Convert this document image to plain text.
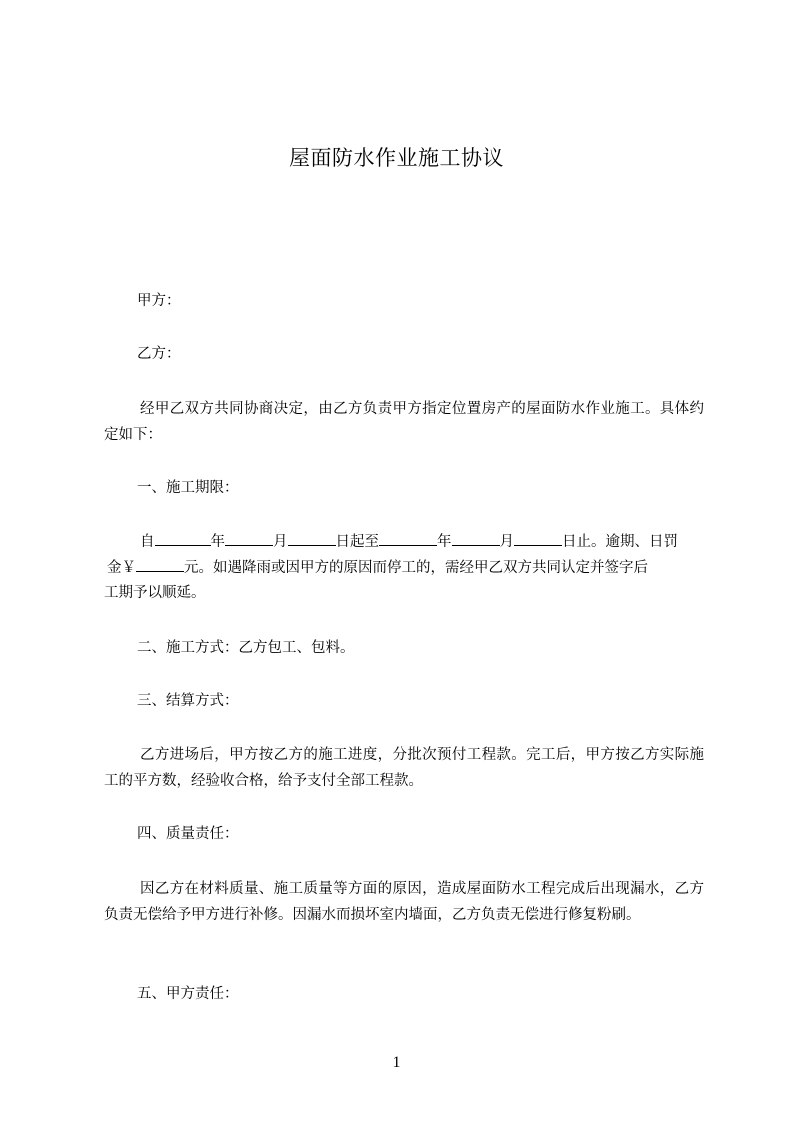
屋面防水作业施工协议
甲方：
乙方：
经甲乙双方共同协商决定，由乙方负责甲方指定位置房产的屋面防水作业施工。具体约定如下：
一、施工期限：
自	年	月	日起至	年	月	日止。逾期、日罚
金￥	元。如遇降雨或因甲方的原因而停工的，需经甲乙双方共同认定并签字后
工期予以顺延。
二、施工方式：乙方包工、包料。
三、结算方式：
乙方进场后，甲方按乙方的施工进度，分批次预付工程款。完工后，甲方按乙方实际施工的平方数，经验收合格，给予支付全部工程款。
四、质量责任：
因乙方在材料质量、施工质量等方面的原因，造成屋面防水工程完成后出现漏水，乙方负责无偿给予甲方进行补修。因漏水而损坏室内墙面，乙方负责无偿进行修复粉刷。
五、甲方责任：
1
